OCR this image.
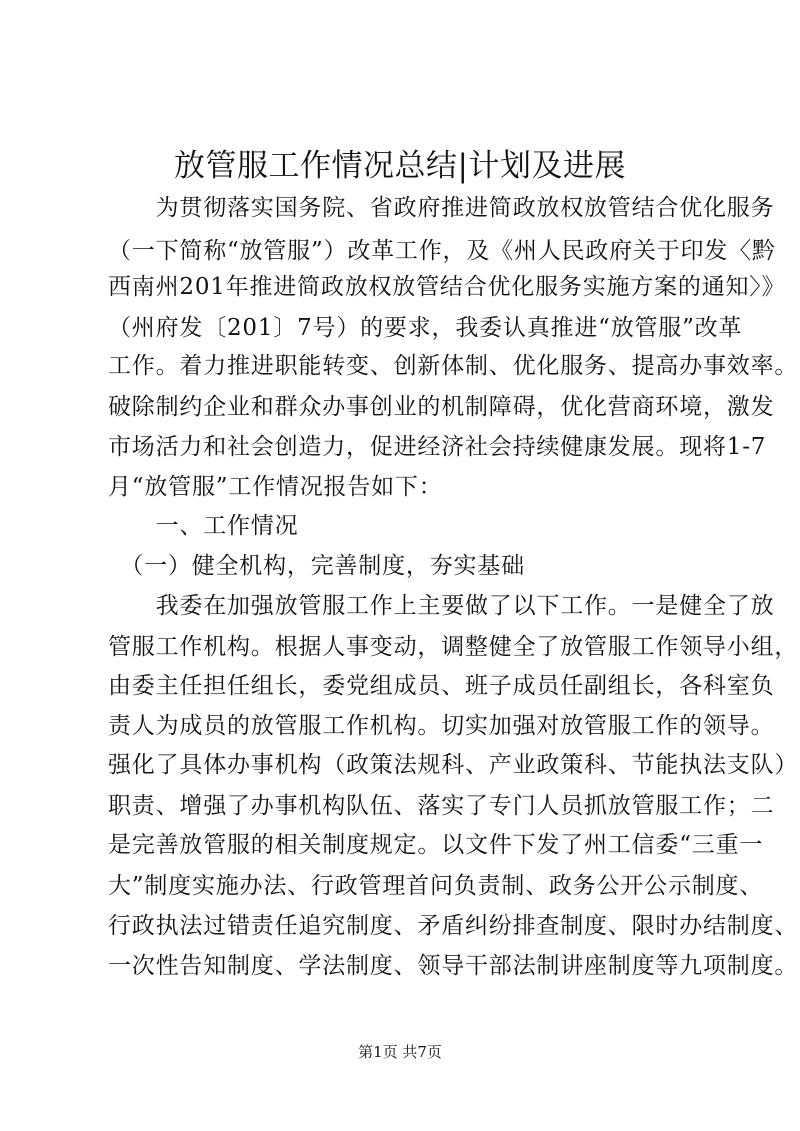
放管服工作情况总结|计划及进展
　　为贯彻落实国务院、省政府推进简政放权放管结合优化服务
（一下简称“放管服”）改革工作，及《州人民政府关于印发〈黔
西南州201年推进简政放权放管结合优化服务实施方案的通知〉》
（州府发〔201〕7号）的要求，我委认真推进“放管服”改革
工作。着力推进职能转变、创新体制、优化服务、提高办事效率。
破除制约企业和群众办事创业的机制障碍，优化营商环境，激发
市场活力和社会创造力，促进经济社会持续健康发展。现将1-7
月“放管服”工作情况报告如下：
　　一、工作情况
　（一）健全机构，完善制度，夯实基础
　　我委在加强放管服工作上主要做了以下工作。一是健全了放
管服工作机构。根据人事变动，调整健全了放管服工作领导小组，
由委主任担任组长，委党组成员、班子成员任副组长，各科室负
责人为成员的放管服工作机构。切实加强对放管服工作的领导。
强化了具体办事机构（政策法规科、产业政策科、节能执法支队）
职责、增强了办事机构队伍、落实了专门人员抓放管服工作；二
是完善放管服的相关制度规定。以文件下发了州工信委“三重一
大”制度实施办法、行政管理首问负责制、政务公开公示制度、
行政执法过错责任追究制度、矛盾纠纷排查制度、限时办结制度、
一次性告知制度、学法制度、领导干部法制讲座制度等九项制度。
第1页 共7页
